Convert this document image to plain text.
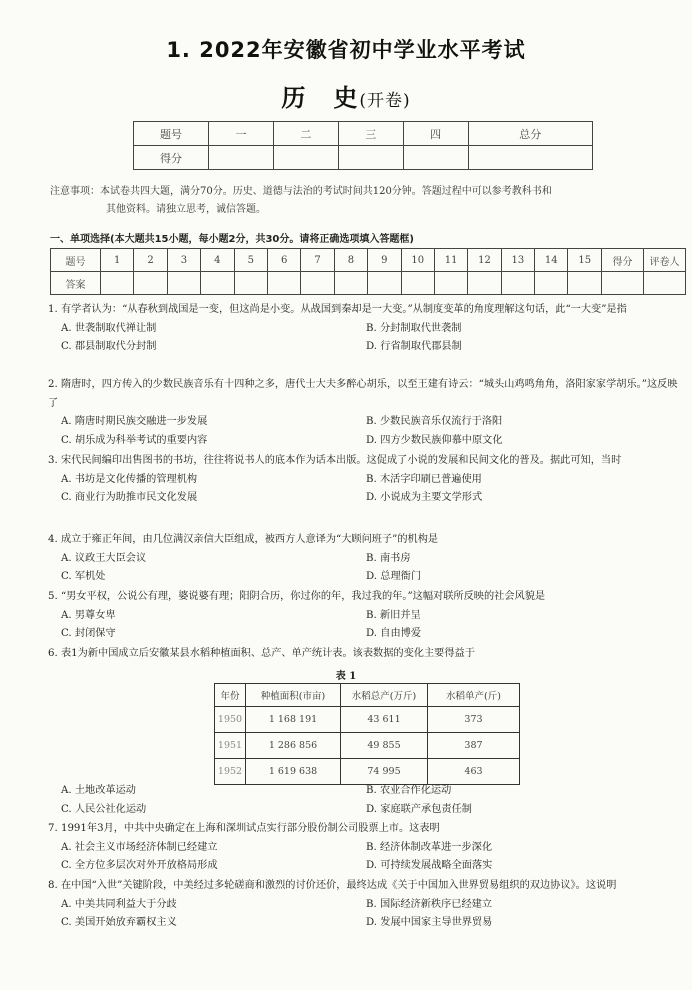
1. 2022年安徽省初中学业水平考试
历　史(开卷)
题号	一	二	三	四	总分
得分					
注意事项：本试卷共四大题，满分70分。历史、道德与法治的考试时间共120分钟。答题过程中可以参考教科书和
其他资料。请独立思考，诚信答题。
一、单项选择(本大题共15小题，每小题2分，共30分。请将正确选项填入答题框)
题号	1	2	3	4	5	6	7	8	9	10	11	12	13	14	15	得分	评卷人
答案																	
1. 有学者认为：“从春秋到战国是一变，但这尚是小变。从战国到秦却是一大变。”从制度变革的角度理解这句话，此“一大变”是指
A. 世袭制取代禅让制	B. 分封制取代世袭制
C. 郡县制取代分封制	D. 行省制取代郡县制
2. 隋唐时，四方传入的少数民族音乐有十四种之多，唐代士大夫多醉心胡乐，以至王建有诗云：“城头山鸡鸣角角，洛阳家家学胡乐。”这反映了
A. 隋唐时期民族交融进一步发展	B. 少数民族音乐仅流行于洛阳
C. 胡乐成为科举考试的重要内容	D. 四方少数民族仰慕中原文化
3. 宋代民间编印出售图书的书坊，往往将说书人的底本作为话本出版。这促成了小说的发展和民间文化的普及。据此可知，当时
A. 书坊是文化传播的管理机构	B. 木活字印刷已普遍使用
C. 商业行为助推市民文化发展	D. 小说成为主要文学形式
4. 成立于雍正年间，由几位满汉亲信大臣组成，被西方人意译为“大顾问班子”的机构是
A. 议政王大臣会议	B. 南书房
C. 军机处	D. 总理衙门
5. “男女平权，公说公有理，婆说婆有理；阳阴合历，你过你的年，我过我的年。”这幅对联所反映的社会风貌是
A. 男尊女卑	B. 新旧并呈
C. 封闭保守	D. 自由博爱
6. 表1为新中国成立后安徽某县水稻种植面积、总产、单产统计表。该表数据的变化主要得益于
表 1
年份	种植面积(市亩)	水稻总产(万斤)	水稻单产(斤)
1950	1 168 191	43 611	373
1951	1 286 856	49 855	387
1952	1 619 638	74 995	463
A. 土地改革运动	B. 农业合作化运动
C. 人民公社化运动	D. 家庭联产承包责任制
7. 1991年3月，中共中央确定在上海和深圳试点实行部分股份制公司股票上市。这表明
A. 社会主义市场经济体制已经建立	B. 经济体制改革进一步深化
C. 全方位多层次对外开放格局形成	D. 可持续发展战略全面落实
8. 在中国“入世”关键阶段，中美经过多轮磋商和激烈的讨价还价，最终达成《关于中国加入世界贸易组织的双边协议》。这说明
A. 中美共同利益大于分歧	B. 国际经济新秩序已经建立
C. 美国开始放弃霸权主义	D. 发展中国家主导世界贸易
